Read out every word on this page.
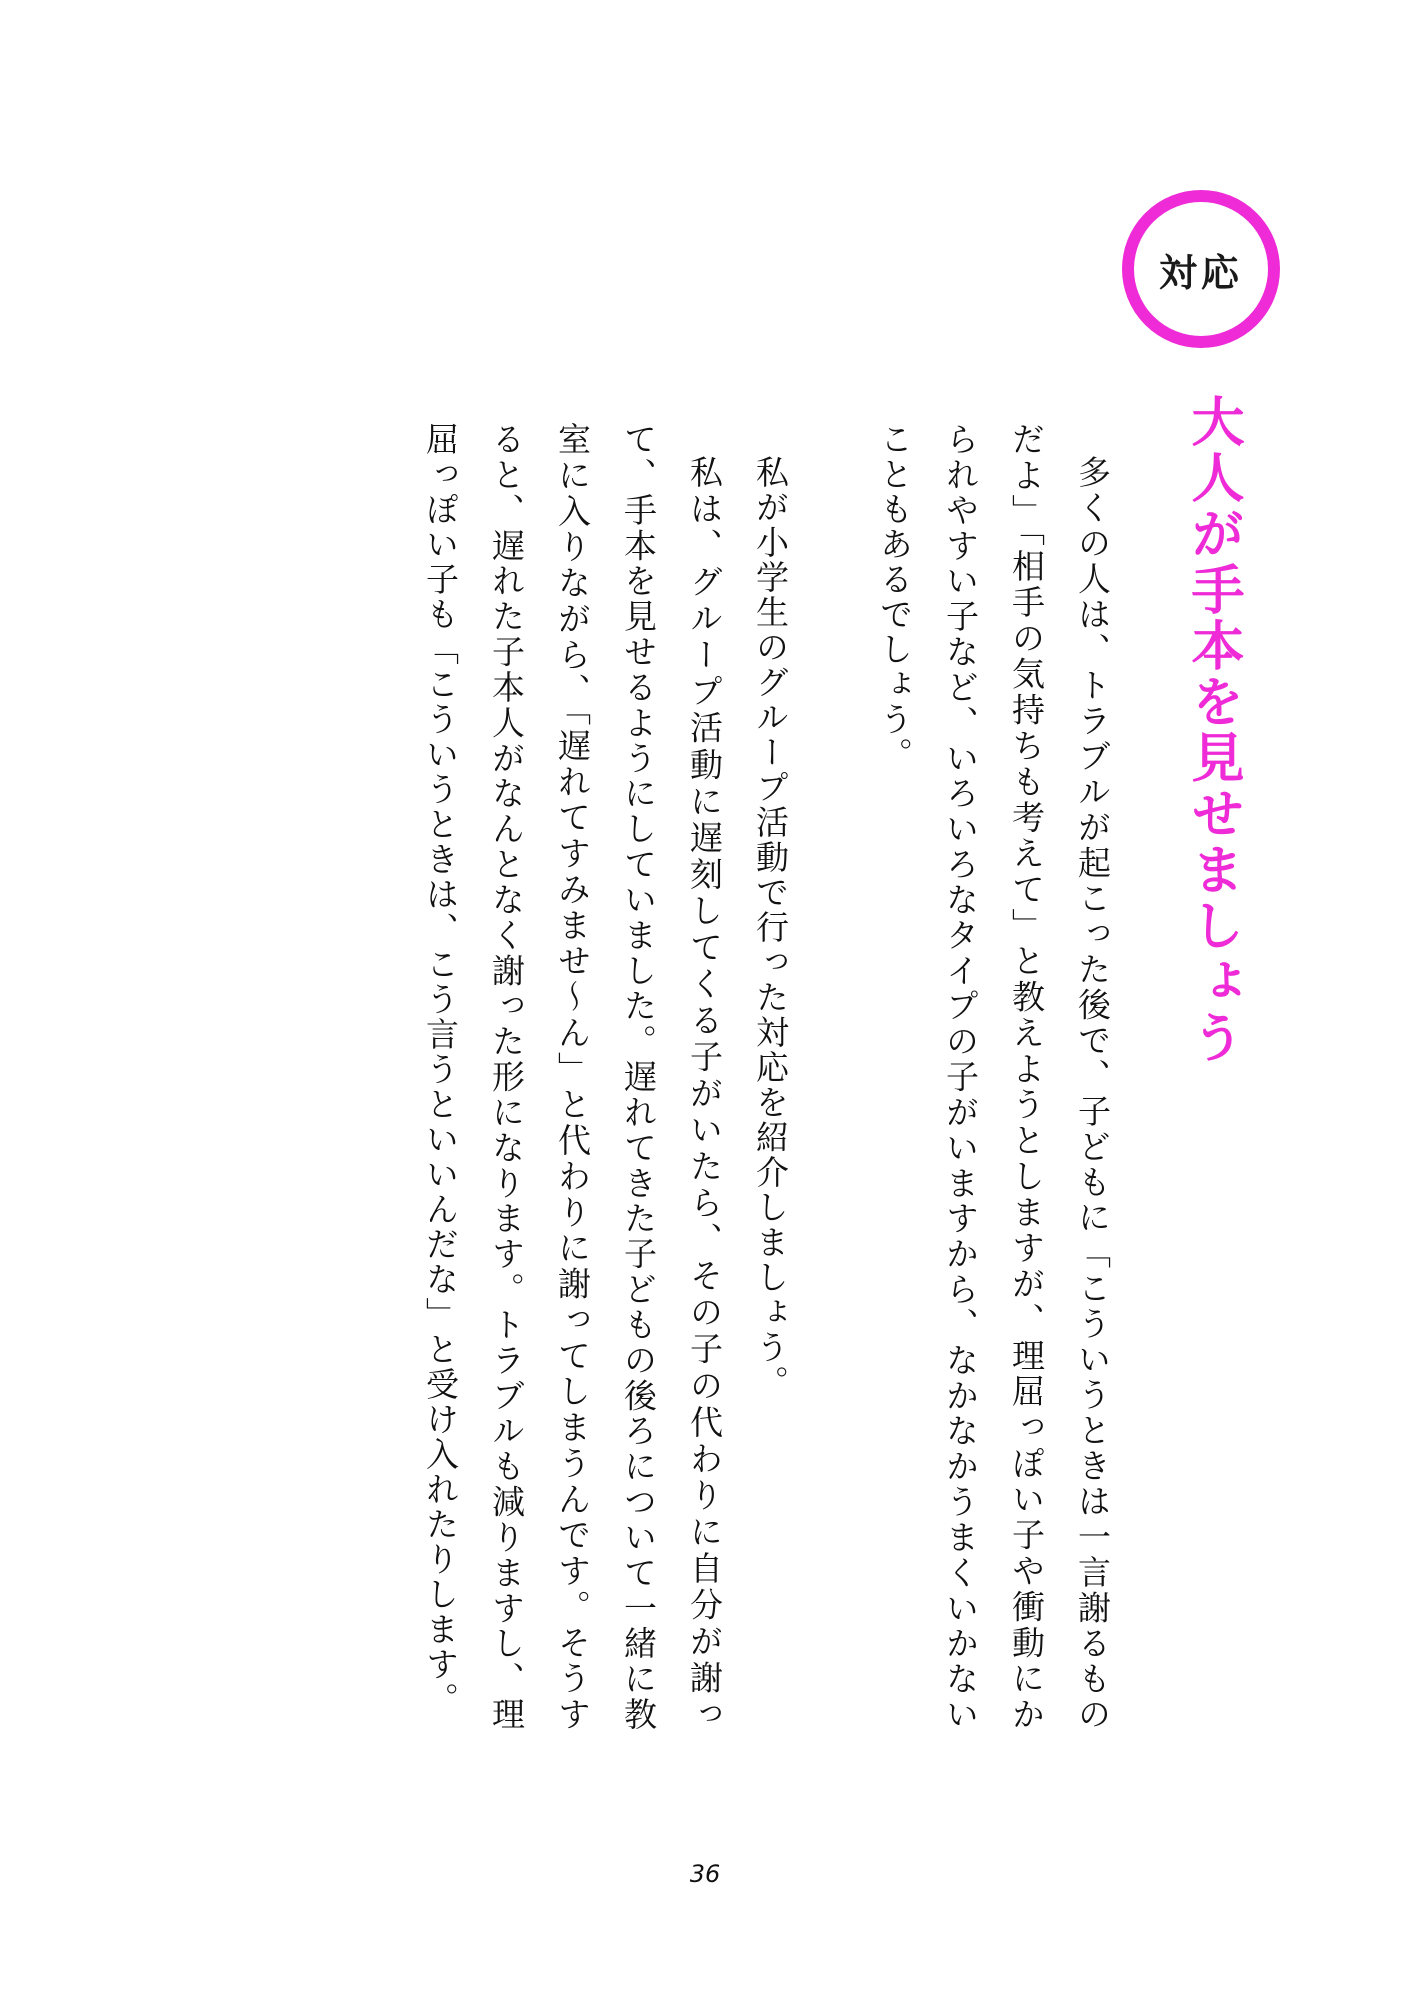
対応
大人が手本を見せましょう

多くの人は、トラブルが起こった後で、子どもに「こういうときは一言謝るものだよ」「相手の気持ちも考えて」と教えようとしますが、理屈っぽい子や衝動にかられやすい子など、いろいろなタイプの子がいますから、なかなかうまくいかないこともあるでしょう。

私が小学生のグループ活動で行った対応を紹介しましょう。

私は、グループ活動に遅刻してくる子がいたら、その子の代わりに自分が謝って、手本を見せるようにしていました。遅れてきた子どもの後ろについて一緒に教室に入りながら、「遅れてすみませ～ん」と代わりに謝ってしまうんです。そうすると、遅れた子本人がなんとなく謝った形になります。トラブルも減りますし、理屈っぽい子も「こういうときは、こう言うといいんだな」と受け入れたりします。

36
